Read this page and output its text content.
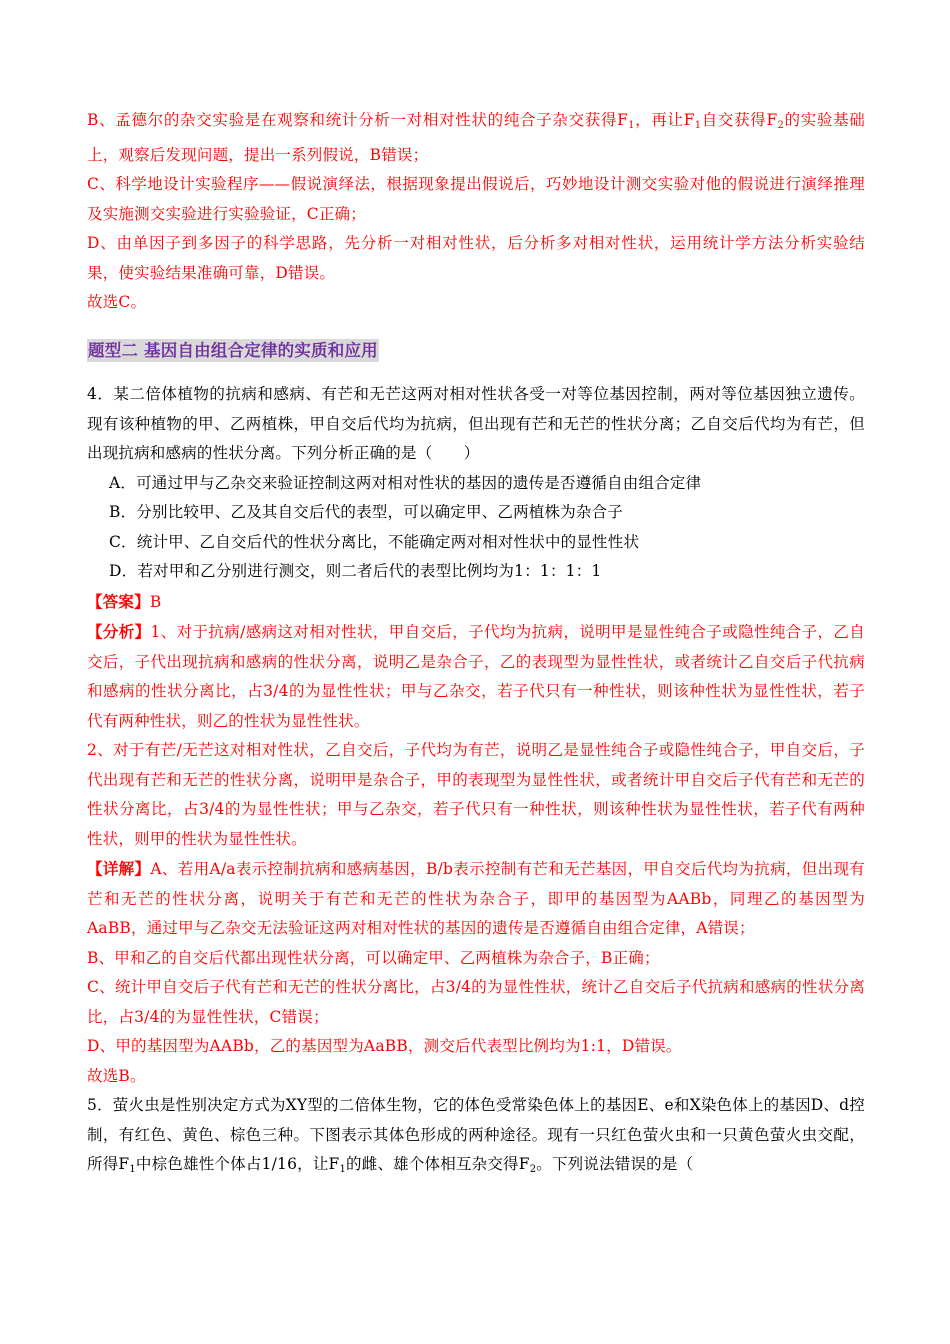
B、孟德尔的杂交实验是在观察和统计分析一对相对性状的纯合子杂交获得$F_1$，再让$F_1$自交获得$F_2$的实验基础上，观察后发现问题，提出一系列假说，B错误；

C、科学地设计实验程序——假说演绎法，根据现象提出假说后，巧妙地设计测交实验对他的假说进行演绎推理及实施测交实验进行实验验证，C正确；

D、由单因子到多因子的科学思路，先分析一对相对性状，后分析多对相对性状，运用统计学方法分析实验结果，使实验结果准确可靠，D错误。

故选C。

题型二 基因自由组合定律的实质和应用

4．某二倍体植物的抗病和感病、有芒和无芒这两对相对性状各受一对等位基因控制，两对等位基因独立遗传。现有该种植物的甲、乙两植株，甲自交后代均为抗病，但出现有芒和无芒的性状分离；乙自交后代均为有芒，但出现抗病和感病的性状分离。下列分析正确的是（　　）

A．可通过甲与乙杂交来验证控制这两对相对性状的基因的遗传是否遵循自由组合定律

B．分别比较甲、乙及其自交后代的表型，可以确定甲、乙两植株为杂合子

C．统计甲、乙自交后代的性状分离比，不能确定两对相对性状中的显性性状

D．若对甲和乙分别进行测交，则二者后代的表型比例均为1：1：1：1

【答案】B

【分析】1、对于抗病/感病这对相对性状，甲自交后，子代均为抗病，说明甲是显性纯合子或隐性纯合子，乙自交后，子代出现抗病和感病的性状分离，说明乙是杂合子，乙的表现型为显性性状，或者统计乙自交后子代抗病和感病的性状分离比，占3/4的为显性性状；甲与乙杂交，若子代只有一种性状，则该种性状为显性性状，若子代有两种性状，则乙的性状为显性性状。

2、对于有芒/无芒这对相对性状，乙自交后，子代均为有芒，说明乙是显性纯合子或隐性纯合子，甲自交后，子代出现有芒和无芒的性状分离，说明甲是杂合子，甲的表现型为显性性状，或者统计甲自交后子代有芒和无芒的性状分离比，占3/4的为显性性状；甲与乙杂交，若子代只有一种性状，则该种性状为显性性状，若子代有两种性状，则甲的性状为显性性状。

【详解】A、若用A/a表示控制抗病和感病基因，B/b表示控制有芒和无芒基因，甲自交后代均为抗病，但出现有芒和无芒的性状分离，说明关于有芒和无芒的性状为杂合子，即甲的基因型为AABb，同理乙的基因型为AaBB，通过甲与乙杂交无法验证这两对相对性状的基因的遗传是否遵循自由组合定律，A错误；

B、甲和乙的自交后代都出现性状分离，可以确定甲、乙两植株为杂合子，B正确；

C、统计甲自交后子代有芒和无芒的性状分离比，占3/4的为显性性状，统计乙自交后子代抗病和感病的性状分离比，占3/4的为显性性状，C错误；

D、甲的基因型为AABb，乙的基因型为AaBB，测交后代表型比例均为1:1，D错误。

故选B。

5．萤火虫是性别决定方式为XY型的二倍体生物，它的体色受常染色体上的基因E、e和X染色体上的基因D、d控制，有红色、黄色、棕色三种。下图表示其体色形成的两种途径。现有一只红色萤火虫和一只黄色萤火虫交配，所得$F_1$中棕色雄性个体占1/16，让$F_1$的雌、雄个体相互杂交得$F_2$。下列说法错误的是（
